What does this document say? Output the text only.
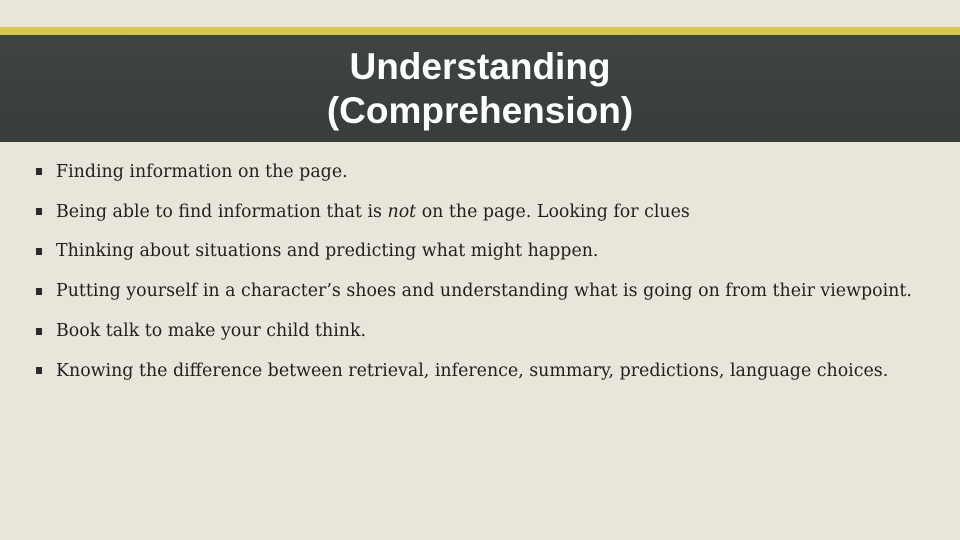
Understanding
(Comprehension)
Finding information on the page.
Being able to find information that is not on the page. Looking for clues
Thinking about situations and predicting what might happen.
Putting yourself in a character’s shoes and understanding what is going on from their viewpoint.
Book talk to make your child think.
Knowing the difference between retrieval, inference, summary, predictions, language choices.
